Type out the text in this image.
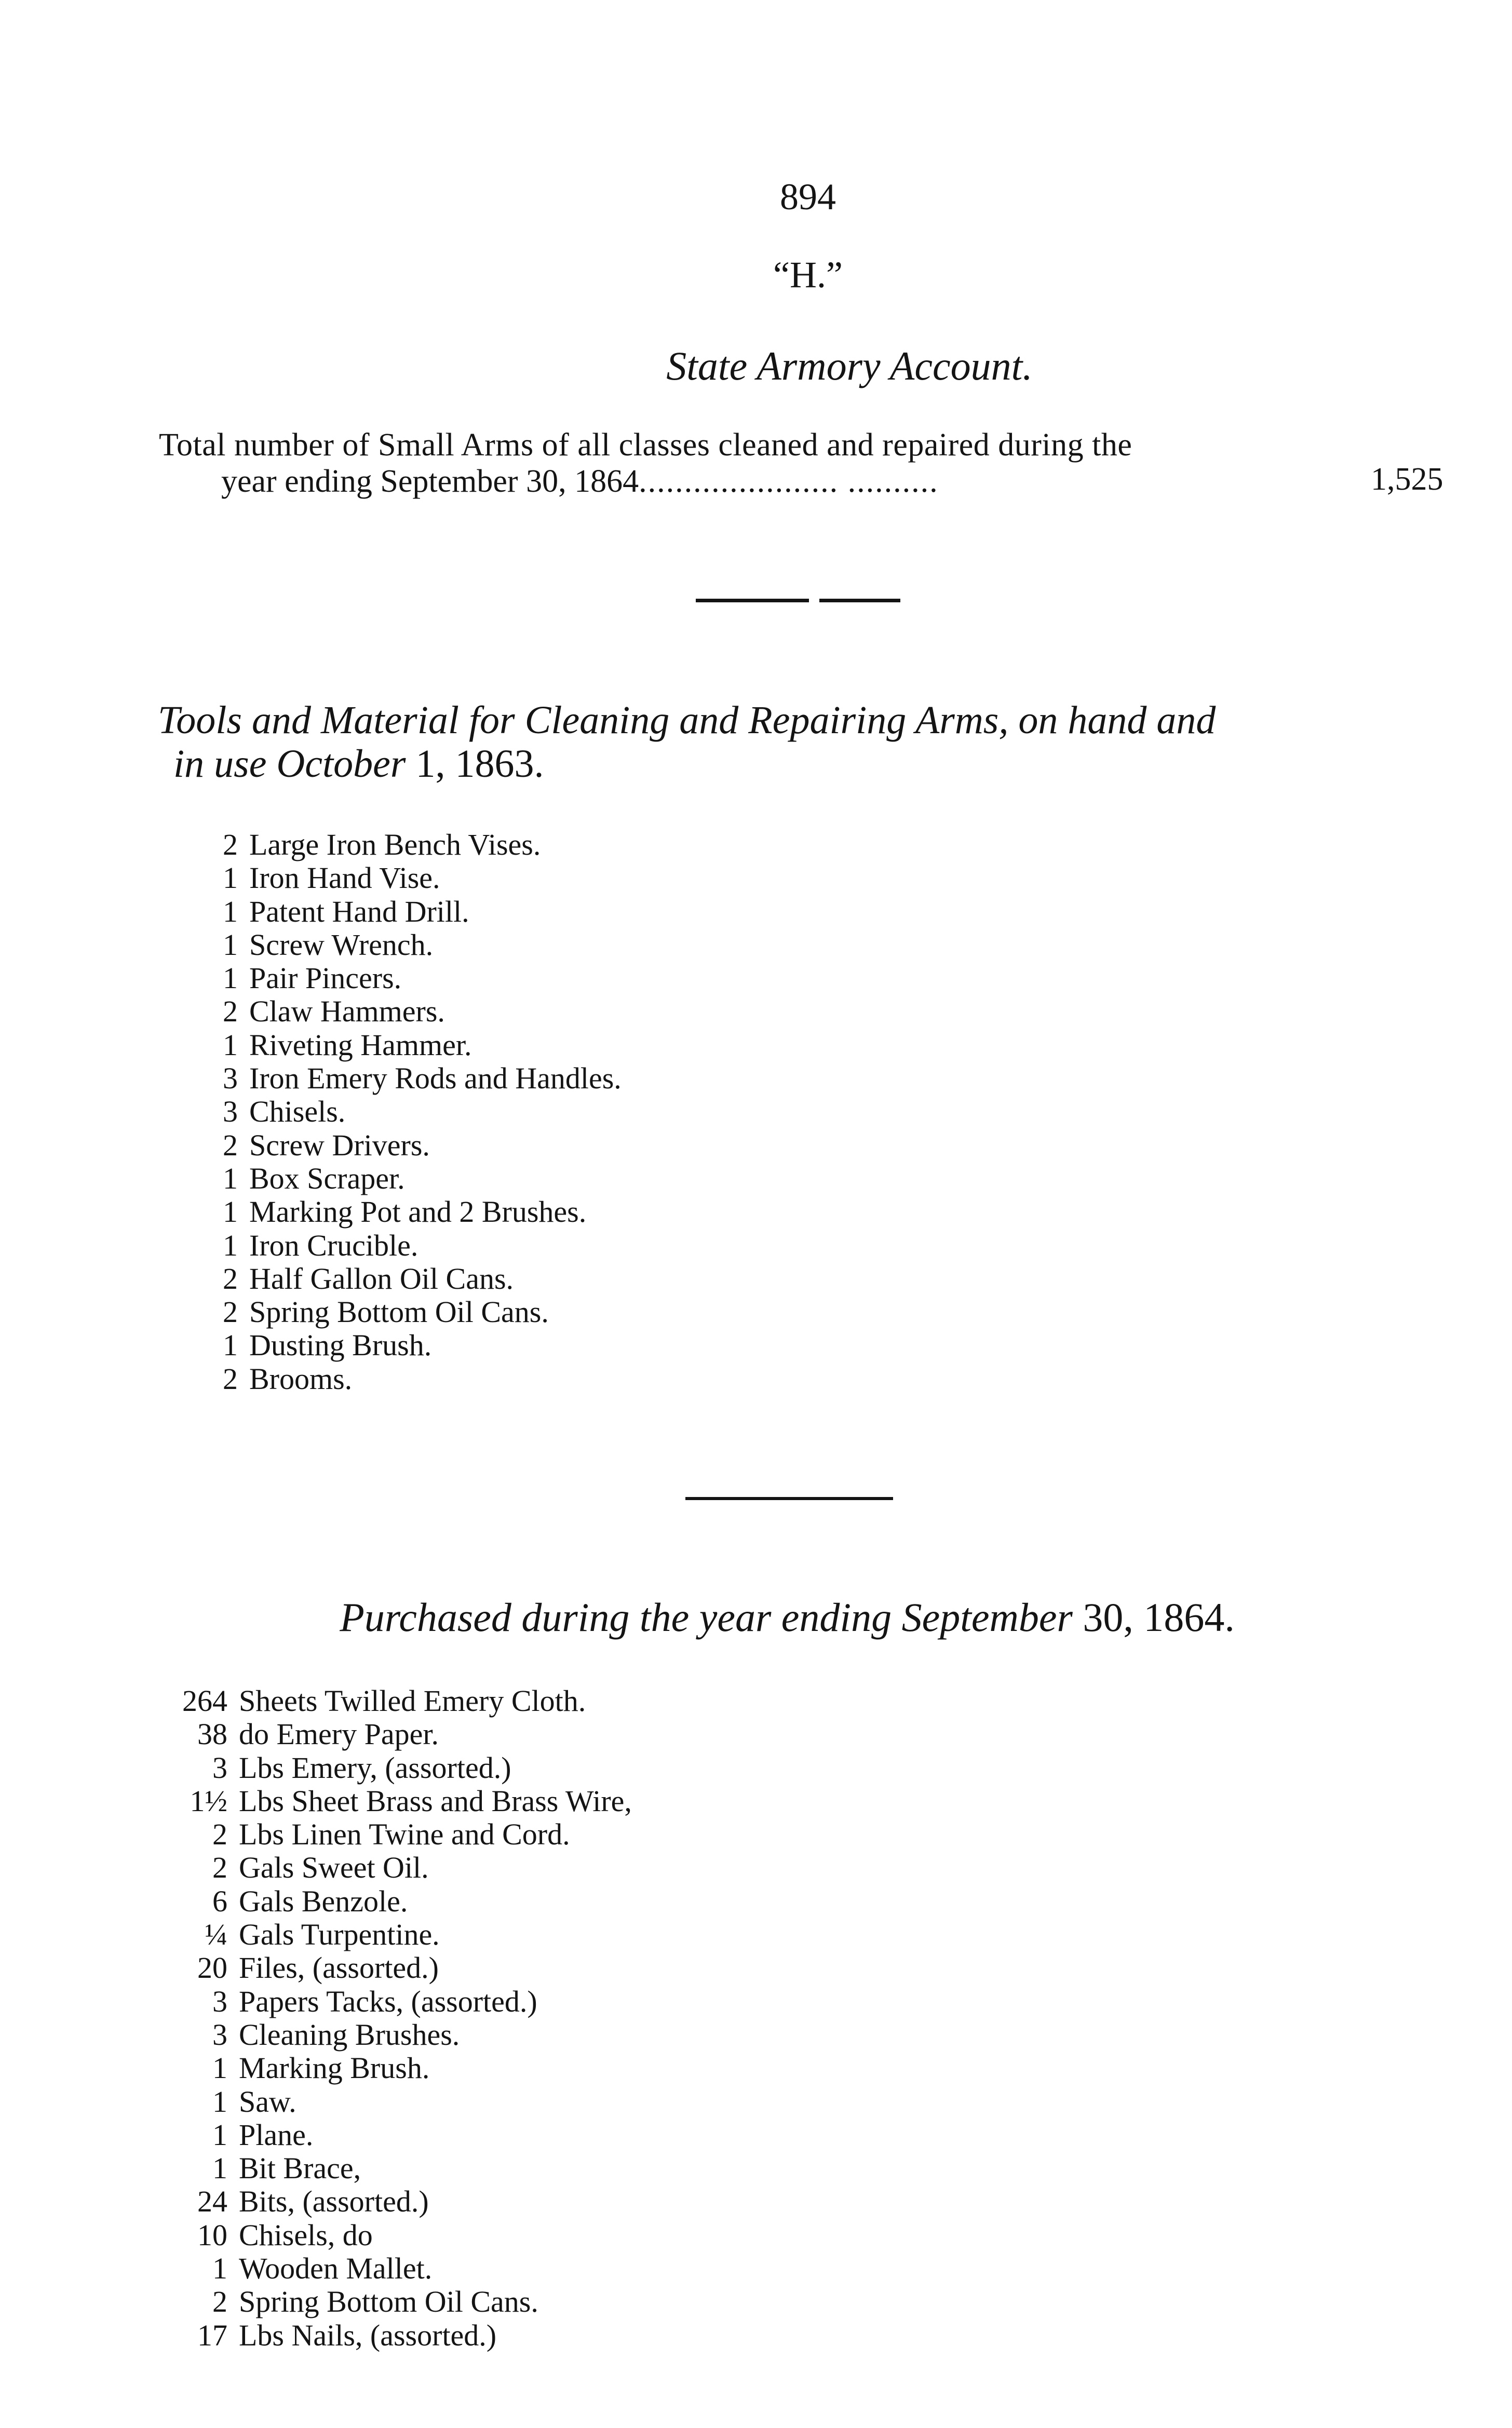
894
“H.”
State Armory Account.
Total number of Small Arms of all classes cleaned and repaired during the
year ending September 30, 1864...................... ..........	1,525
Tools and Material for Cleaning and Repairing Arms, on hand and
in use October 1, 1863.
2 Large Iron Bench Vises.
1 Iron Hand Vise.
1 Patent Hand Drill.
1 Screw Wrench.
1 Pair Pincers.
2 Claw Hammers.
1 Riveting Hammer.
3 Iron Emery Rods and Handles.
3 Chisels.
2 Screw Drivers.
1 Box Scraper.
1 Marking Pot and 2 Brushes.
1 Iron Crucible.
2 Half Gallon Oil Cans.
2 Spring Bottom Oil Cans.
1 Dusting Brush.
2 Brooms.
Purchased during the year ending September 30, 1864.
264 Sheets Twilled Emery Cloth.
38 do Emery Paper.
3 Lbs Emery, (assorted.)
1½ Lbs Sheet Brass and Brass Wire,
2 Lbs Linen Twine and Cord.
2 Gals Sweet Oil.
6 Gals Benzole.
¼ Gals Turpentine.
20 Files, (assorted.)
3 Papers Tacks, (assorted.)
3 Cleaning Brushes.
1 Marking Brush.
1 Saw.
1 Plane.
1 Bit Brace,
24 Bits, (assorted.)
10 Chisels, do
1 Wooden Mallet.
2 Spring Bottom Oil Cans.
17 Lbs Nails, (assorted.)
